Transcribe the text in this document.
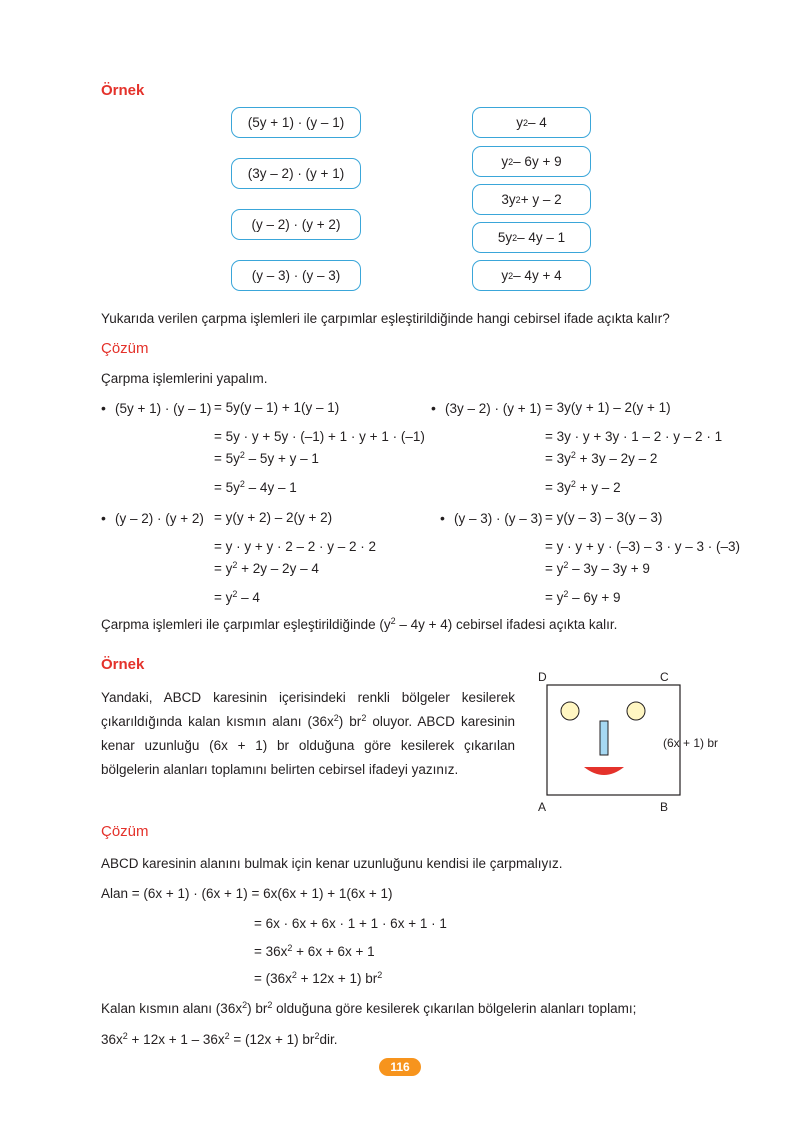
Örnek
(5y + 1) · (y – 1)
(3y – 2) · (y + 1)
(y – 2) · (y + 2)
(y – 3) · (y – 3)
y 2 – 4
y 2 – 6y + 9
3y 2 + y – 2
5y 2 – 4y – 1
y 2 – 4y + 4
Yukarıda verilen çarpma işlemleri ile çarpımlar eşleştirildiğinde hangi cebirsel ifade açıkta kalır?
Çözüm
Çarpma işlemlerini yapalım.
• (5y + 1) · (y – 1) = 5y(y – 1) + 1(y – 1)
= 5y · y + 5y · (–1) + 1 · y + 1 · (–1)
= $5y^2 - 5y + y - 1$
= $5y^2 - 4y - 1$
• (3y – 2) · (y + 1) = 3y(y + 1) – 2(y + 1)
= 3y · y + 3y · 1 – 2 · y – 2 · 1
= $3y^2 + 3y - 2y - 2$
= $3y^2 + y - 2$
• (y – 2) · (y + 2) = y(y + 2) – 2(y + 2)
= y · y + y · 2 – 2 · y – 2 · 2
= $y^2 + 2y - 2y - 4$
= $y^2 - 4$
• (y – 3) · (y – 3) = y(y – 3) – 3(y – 3)
= y · y + y · (–3) – 3 · y – 3 · (–3)
= $y^2 - 3y - 3y + 9$
= $y^2 - 6y + 9$
Çarpma işlemleri ile çarpımlar eşleştirildiğinde $(y^2 - 4y + 4)$ cebirsel ifadesi açıkta kalır.
Örnek
Yandaki, ABCD karesinin içerisindeki renkli bölgeler kesilerek çıkarıldığında kalan kısmın alanı $(36x^2)$ $br^2$ oluyor. ABCD karesinin kenar uzunluğu (6x + 1) br olduğuna göre kesilerek çıkarılan bölgelerin alanları toplamını belirten cebirsel ifadeyi yazınız.
D	C
A	B
(6x + 1) br
Çözüm
ABCD karesinin alanını bulmak için kenar uzunluğunu kendisi ile çarpmalıyız.
Alan = (6x + 1) · (6x + 1) = 6x(6x + 1) + 1(6x + 1)
= 6x · 6x + 6x · 1 + 1 · 6x + 1 · 1
= $36x^2 + 6x + 6x + 1$
= $(36x^2 + 12x + 1)$ $br^2$
Kalan kısmın alanı $(36x^2)$ $br^2$ olduğuna göre kesilerek çıkarılan bölgelerin alanları toplamı;
$36x^2 + 12x + 1 - 36x^2 = (12x + 1)$ $br^2dir$.
116
